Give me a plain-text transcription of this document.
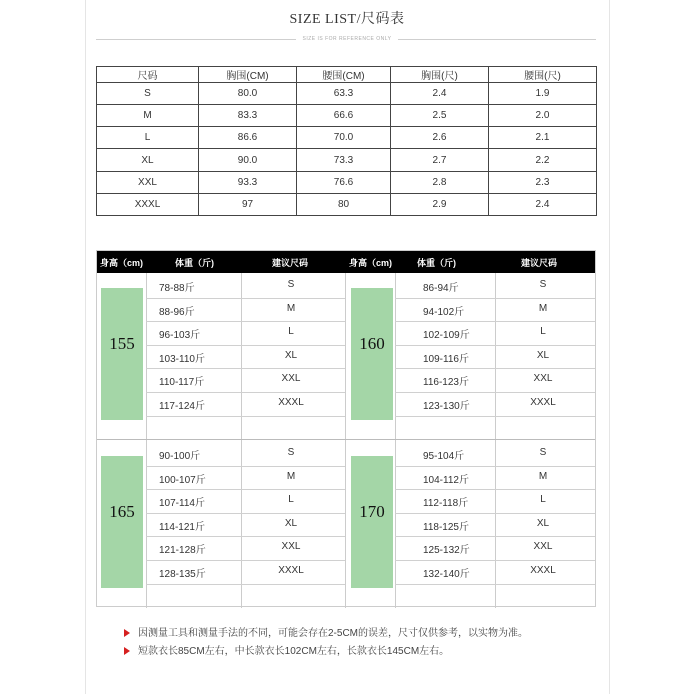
SIZE LIST/尺码表
SIZE IS FOR REFERENCE ONLY
尺码	胸围(CM)	腰围(CM)	胸围(尺)	腰围(尺)
S	80.0	63.3	2.4	1.9
M	83.3	66.6	2.5	2.0
L	86.6	70.0	2.6	2.1
XL	90.0	73.3	2.7	2.2
XXL	93.3	76.6	2.8	2.3
XXXL	97	80	2.9	2.4
身高（cm)	体重（斤)	建议尺码	身高（cm)	体重（斤)	建议尺码
155
78-88斤	S
88-96斤	M
96-103斤	L
103-110斤	XL
110-117斤	XXL
117-124斤	XXXL
160
86-94斤	S
94-102斤	M
102-109斤	L
109-116斤	XL
116-123斤	XXL
123-130斤	XXXL
165
90-100斤	S
100-107斤	M
107-114斤	L
114-121斤	XL
121-128斤	XXL
128-135斤	XXXL
170
95-104斤	S
104-112斤	M
112-118斤	L
118-125斤	XL
125-132斤	XXL
132-140斤	XXXL
因测量工具和测量手法的不同，可能会存在2-5CM的误差，尺寸仅供参考，以实物为准。
短款衣长85CM左右，中长款衣长102CM左右，长款衣长145CM左右。
